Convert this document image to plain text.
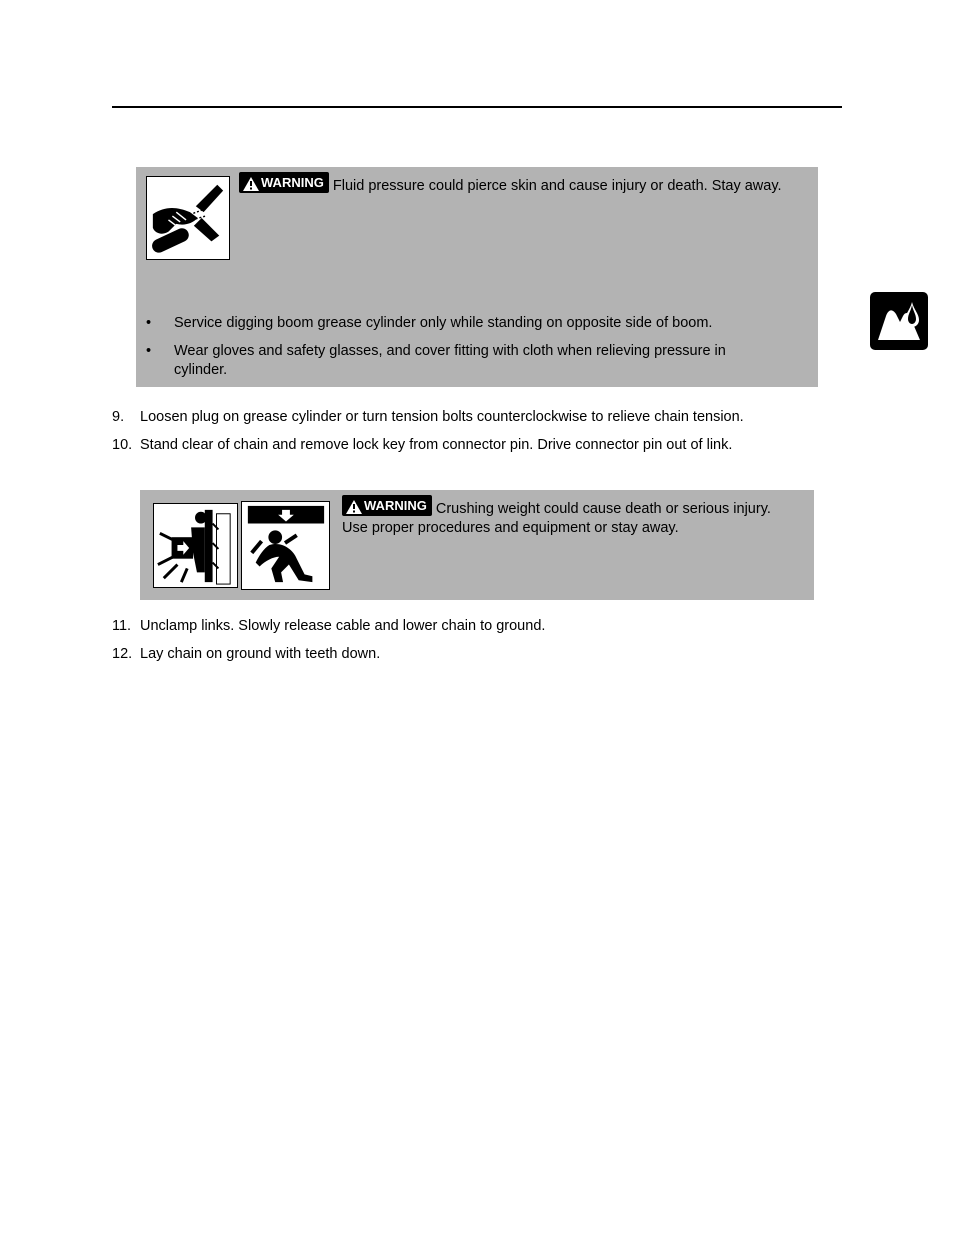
WARNING Fluid pressure could pierce skin and cause injury or death. Stay away.
• Service digging boom grease cylinder only while standing on opposite side of boom.
• Wear gloves and safety glasses, and cover fitting with cloth when relieving pressure in cylinder.
9. Loosen plug on grease cylinder or turn tension bolts counterclockwise to relieve chain tension.
10. Stand clear of chain and remove lock key from connector pin. Drive connector pin out of link.
WARNING Crushing weight could cause death or serious injury. Use proper procedures and equipment or stay away.
11. Unclamp links. Slowly release cable and lower chain to ground.
12. Lay chain on ground with teeth down.
